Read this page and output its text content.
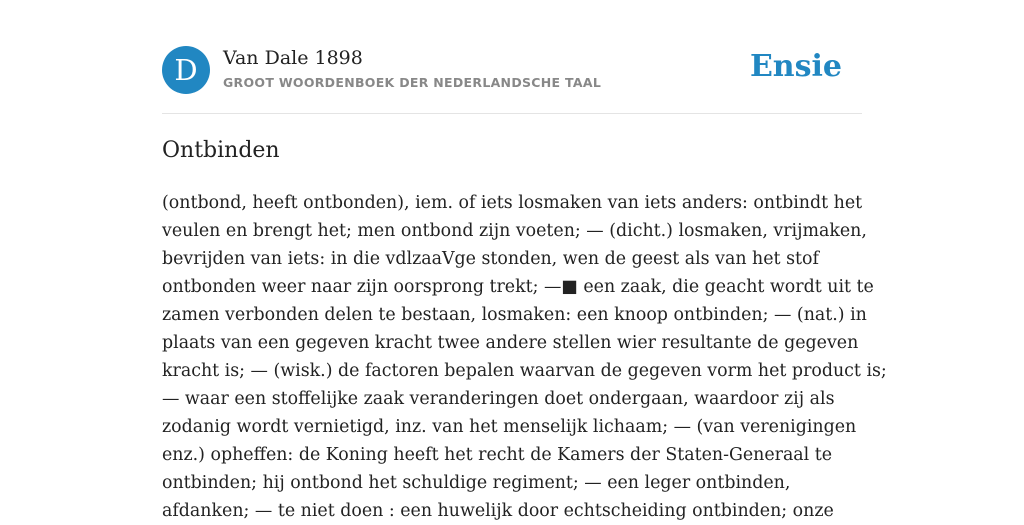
D	Van Dale 1898
GROOT WOORDENBOEK DER NEDERLANDSCHE TAAL	Ensie
Ontbinden

(ontbond, heeft ontbonden), iem. of iets losmaken van iets anders: ontbindt het
veulen en brengt het; men ontbond zijn voeten; — (dicht.) losmaken, vrijmaken,
bevrijden van iets: in die vdlzaaVge stonden, wen de geest als van het stof
ontbonden weer naar zijn oorsprong trekt; —■ een zaak, die geacht wordt uit te
zamen verbonden delen te bestaan, losmaken: een knoop ontbinden; — (nat.) in
plaats van een gegeven kracht twee andere stellen wier resultante de gegeven
kracht is; — (wisk.) de factoren bepalen waarvan de gegeven vorm het product is;
— waar een stoffelijke zaak veranderingen doet ondergaan, waardoor zij als
zodanig wordt vernietigd, inz. van het menselijk lichaam; — (van verenigingen
enz.) opheffen: de Koning heeft het recht de Kamers der Staten-Generaal te
ontbinden; hij ontbond het schuldige regiment; — een leger ontbinden,
afdanken; — te niet doen : een huwelijk door echtscheiding ontbinden; onze
